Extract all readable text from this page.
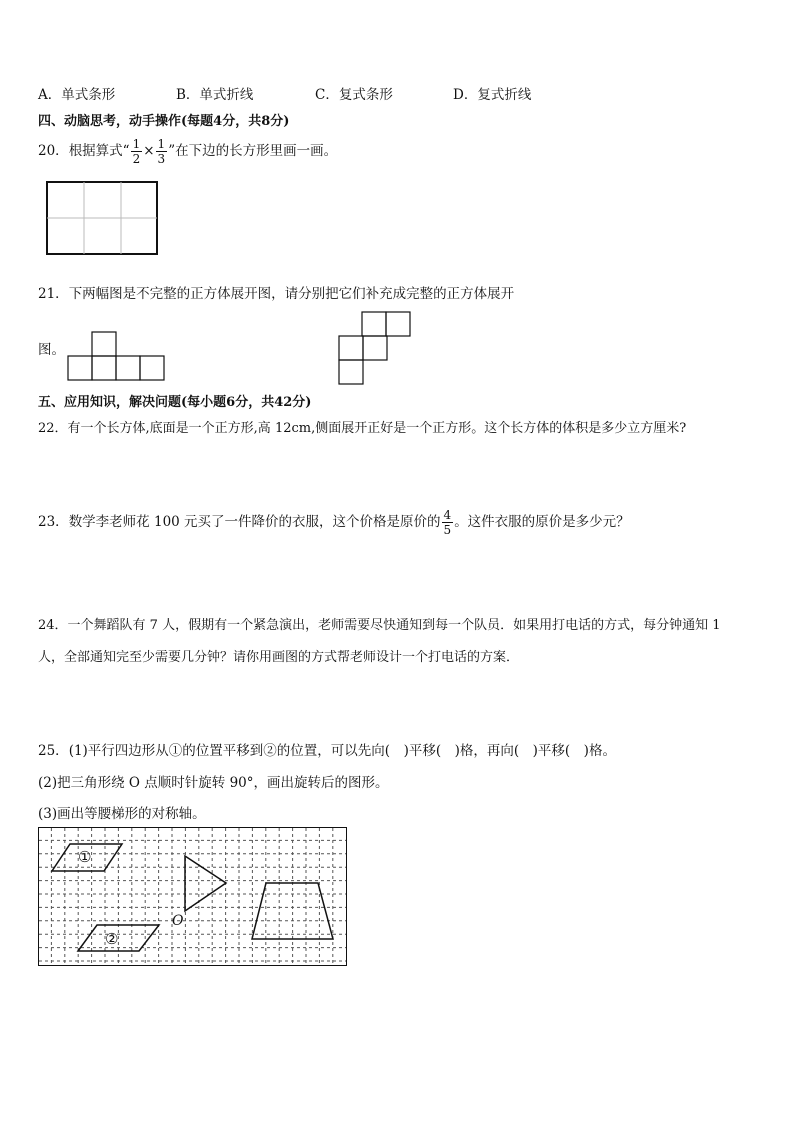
A．单式条形	B．单式折线	C．复式条形	D．复式折线
四、动脑思考，动手操作(每题4分，共8分)
20．根据算式“ $\frac{1}{2} \times \frac{1}{3}$ ”在下边的长方形里画一画。
21．下两幅图是不完整的正方体展开图，请分别把它们补充成完整的正方体展开
图。
五、应用知识，解决问题(每小题6分，共42分)
22．有一个长方体,底面是一个正方形,高 12cm,侧面展开正好是一个正方形。这个长方体的体积是多少立方厘米?
23．数学李老师花 100 元买了一件降价的衣服，这个价格是原价的 $\frac{4}{5}$ 。这件衣服的原价是多少元？
24．一个舞蹈队有 7 人，假期有一个紧急演出，老师需要尽快通知到每一个队员．如果用打电话的方式，每分钟通知 1
人，全部通知完至少需要几分钟？请你用画图的方式帮老师设计一个打电话的方案．
25．(1)平行四边形从①的位置平移到②的位置，可以先向(　)平移(　)格，再向(　)平移(　)格。
(2)把三角形绕 O 点顺时针旋转 90°，画出旋转后的图形。
(3)画出等腰梯形的对称轴。
①
②
O
